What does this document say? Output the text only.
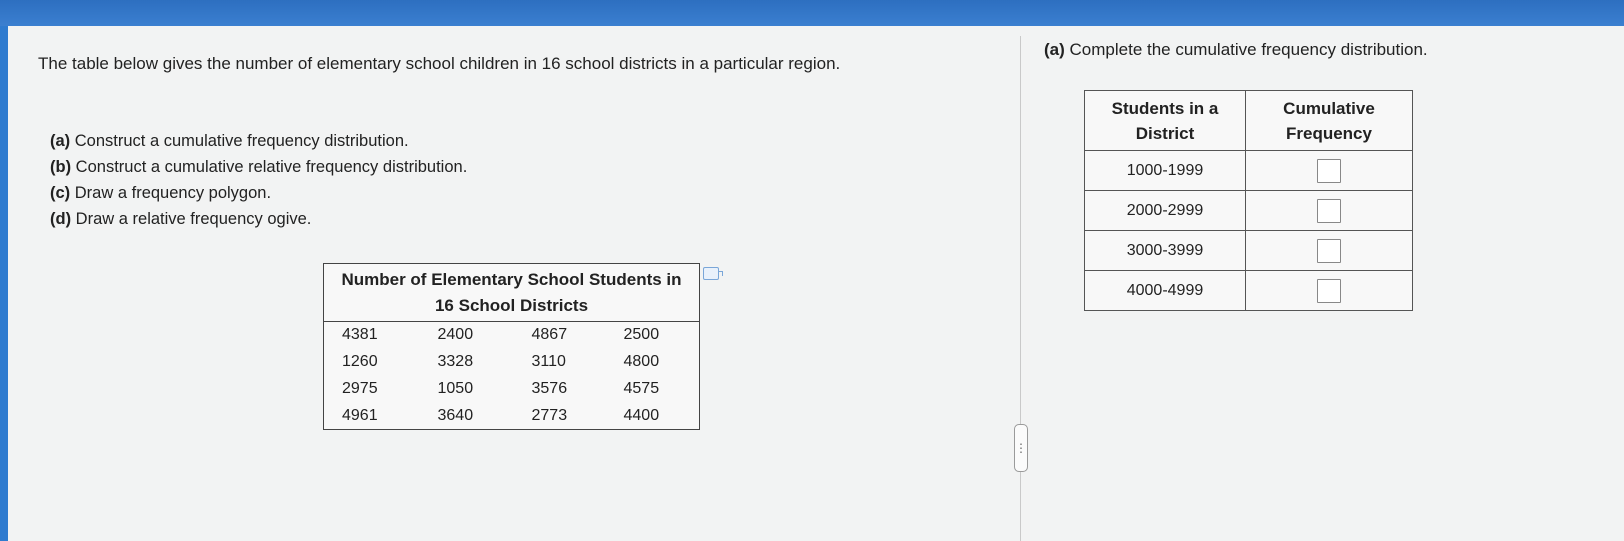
⋮
The table below gives the number of elementary school children in 16 school districts in a particular region.
(a) Construct a cumulative frequency distribution.
(b) Construct a cumulative relative frequency distribution.
(c) Draw a frequency polygon.
(d) Draw a relative frequency ogive.
Number of Elementary School Students in 16 School Districts			
4381	2400	4867	2500
1260	3328	3110	4800
2975	1050	3576	4575
4961	3640	2773	4400
(a) Complete the cumulative frequency distribution.
Students in a District	Cumulative Frequency
1000-1999	
2000-2999	
3000-3999	
4000-4999	
